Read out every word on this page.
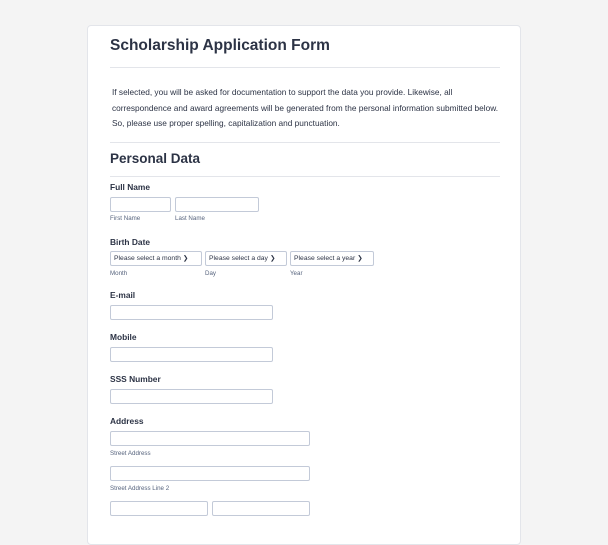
Scholarship Application Form
If selected, you will be asked for documentation to support the data you provide. Likewise, all correspondence and award agreements will be generated from the personal information submitted below. So, please use proper spelling, capitalization and punctuation.
Personal Data
Full Name
First Name	Last Name
Birth Date
Please select a month ❯	Please select a day ❯	Please select a year ❯
Month	Day	Year
E-mail
Mobile
SSS Number
Address
Street Address
Street Address Line 2
